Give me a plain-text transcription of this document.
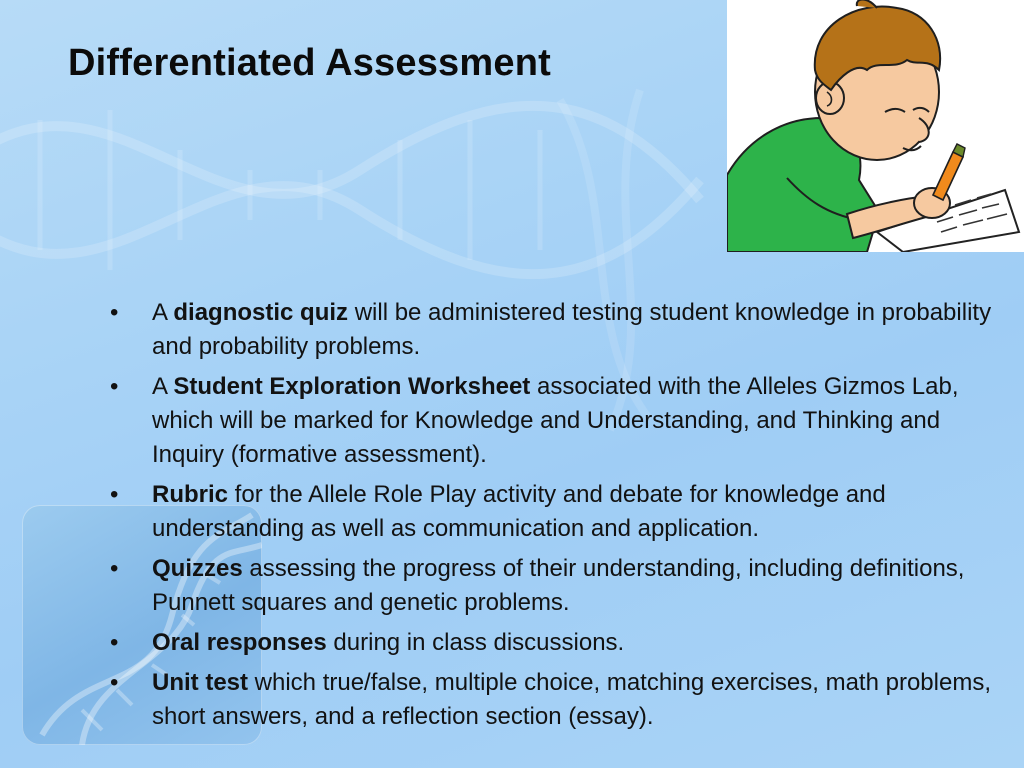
Differentiated Assessment
•	A diagnostic quiz will be administered testing student knowledge in probability and probability problems.
•	A Student Exploration Worksheet associated with the Alleles Gizmos Lab, which will be marked for Knowledge and Understanding, and Thinking and Inquiry (formative assessment).
•	Rubric for the Allele Role Play activity and debate for knowledge and understanding as well as communication and application.
•	Quizzes assessing the progress of their understanding, including definitions, Punnett squares and genetic problems.
•	Oral responses during in class discussions.
•	Unit test which true/false, multiple choice, matching exercises, math problems, short answers, and a reflection section (essay).
